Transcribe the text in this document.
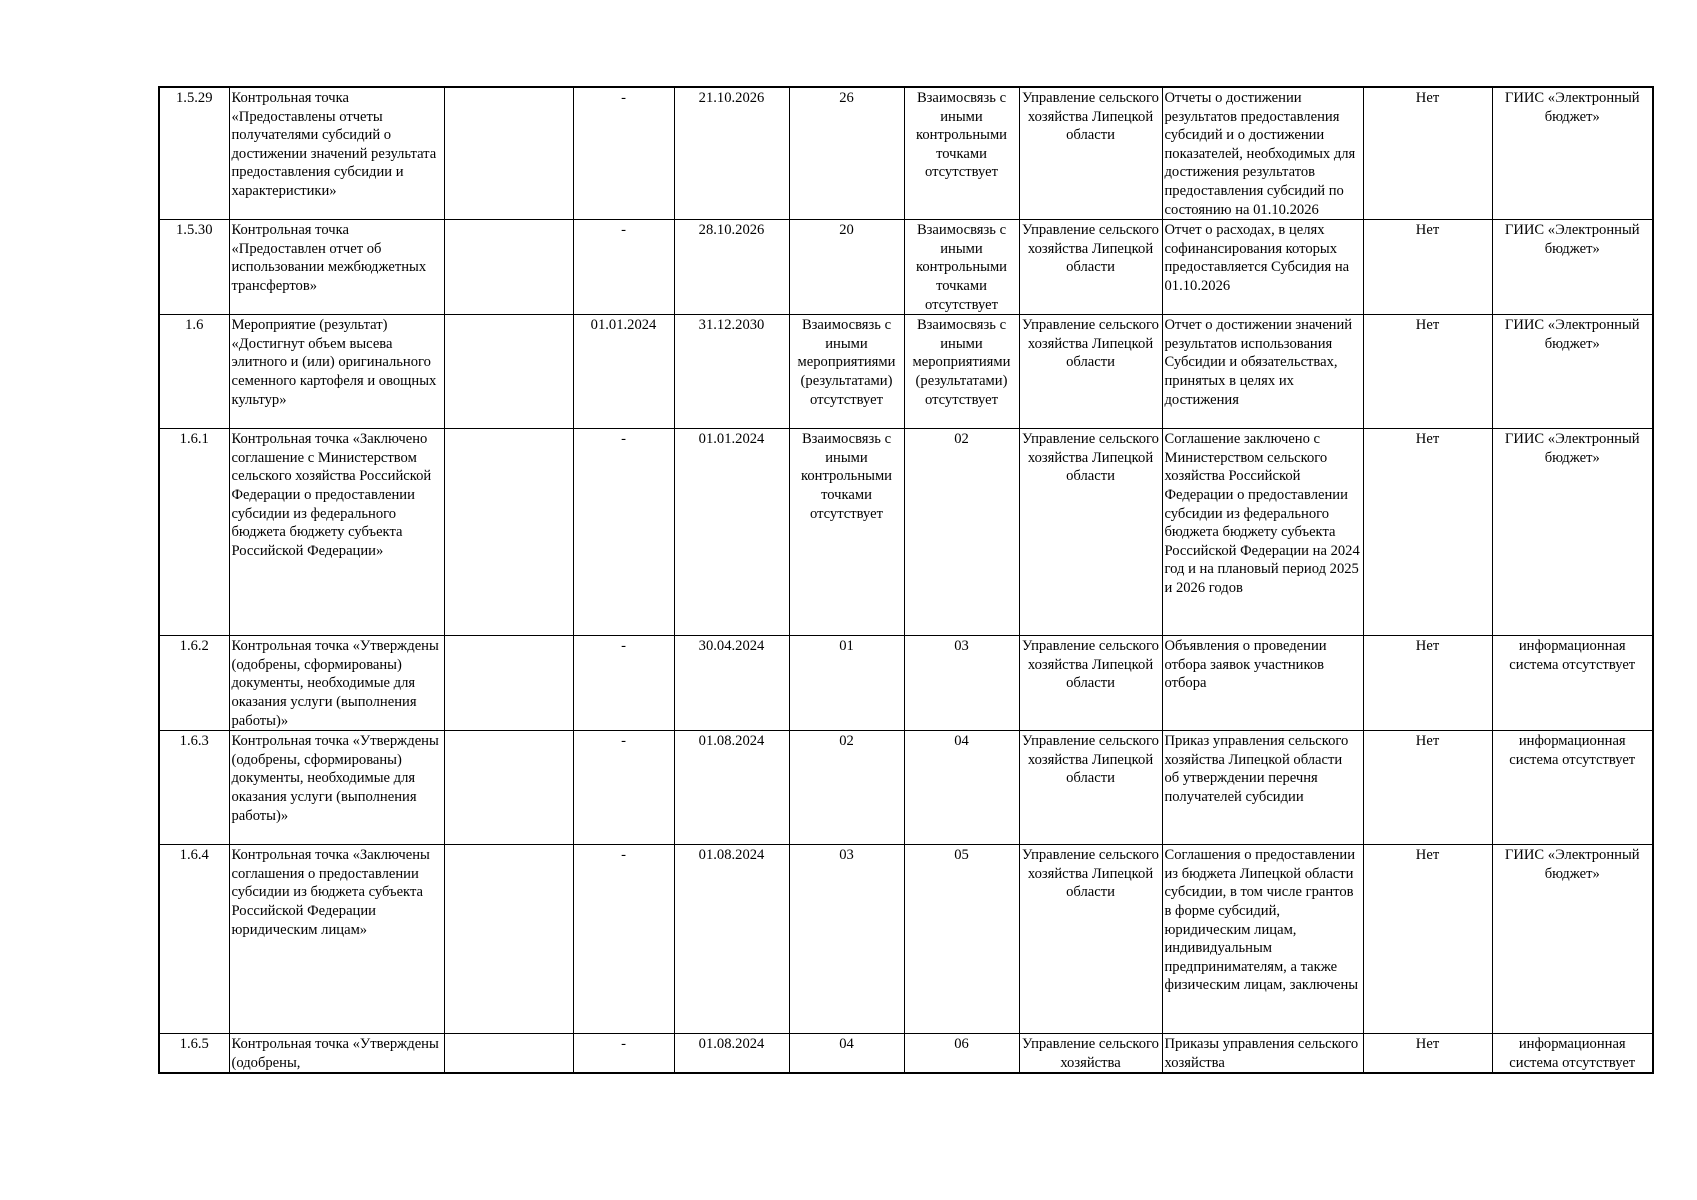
1.5.29	Контрольная точка «Предоставлены отчеты получателями субсидий о достижении значений результата предоставления субсидии и характеристики»		-	21.10.2026	26	Взаимосвязь с иными контрольными точками отсутствует	Управление сельского хозяйства Липецкой области	Отчеты о достижении результатов предоставления субсидий и о достижении показателей, необходимых для достижения результатов предоставления субсидий по состоянию на 01.10.2026	Нет	ГИИС «Электронный бюджет»
1.5.30	Контрольная точка «Предоставлен отчет об использовании межбюджетных трансфертов»		-	28.10.2026	20	Взаимосвязь с иными контрольными точками отсутствует	Управление сельского хозяйства Липецкой области	Отчет о расходах, в целях софинансирования которых предоставляется Субсидия на 01.10.2026	Нет	ГИИС «Электронный бюджет»
1.6	Мероприятие (результат) «Достигнут объем высева элитного и (или) оригинального семенного картофеля и овощных культур»		01.01.2024	31.12.2030	Взаимосвязь с иными мероприятиями (результатами) отсутствует	Взаимосвязь с иными мероприятиями (результатами) отсутствует	Управление сельского хозяйства Липецкой области	Отчет о достижении значений результатов использования Субсидии и обязательствах, принятых в целях их достижения	Нет	ГИИС «Электронный бюджет»
1.6.1	Контрольная точка «Заключено соглашение с Министерством сельского хозяйства Российской Федерации о предоставлении субсидии из федерального бюджета бюджету субъекта Российской Федерации»		-	01.01.2024	Взаимосвязь с иными контрольными точками отсутствует	02	Управление сельского хозяйства Липецкой области	Соглашение заключено с Министерством сельского хозяйства Российской Федерации о предоставлении субсидии из федерального бюджета бюджету субъекта Российской Федерации на 2024 год и на плановый период 2025 и 2026 годов	Нет	ГИИС «Электронный бюджет»
1.6.2	Контрольная точка «Утверждены (одобрены, сформированы) документы, необходимые для оказания услуги (выполнения работы)»		-	30.04.2024	01	03	Управление сельского хозяйства Липецкой области	Объявления о проведении отбора заявок участников отбора	Нет	информационная система отсутствует
1.6.3	Контрольная точка «Утверждены (одобрены, сформированы) документы, необходимые для оказания услуги (выполнения работы)»		-	01.08.2024	02	04	Управление сельского хозяйства Липецкой области	Приказ управления сельского хозяйства Липецкой области об утверждении перечня получателей субсидии	Нет	информационная система отсутствует
1.6.4	Контрольная точка «Заключены соглашения о предоставлении субсидии из бюджета субъекта Российской Федерации юридическим лицам»		-	01.08.2024	03	05	Управление сельского хозяйства Липецкой области	Соглашения о предоставлении из бюджета Липецкой области субсидии, в том числе грантов в форме субсидий, юридическим лицам, индивидуальным предпринимателям, а также физическим лицам, заключены	Нет	ГИИС «Электронный бюджет»
1.6.5	Контрольная точка «Утверждены (одобрены,		-	01.08.2024	04	06	Управление сельского хозяйства	Приказы управления сельского хозяйства	Нет	информационная система отсутствует
